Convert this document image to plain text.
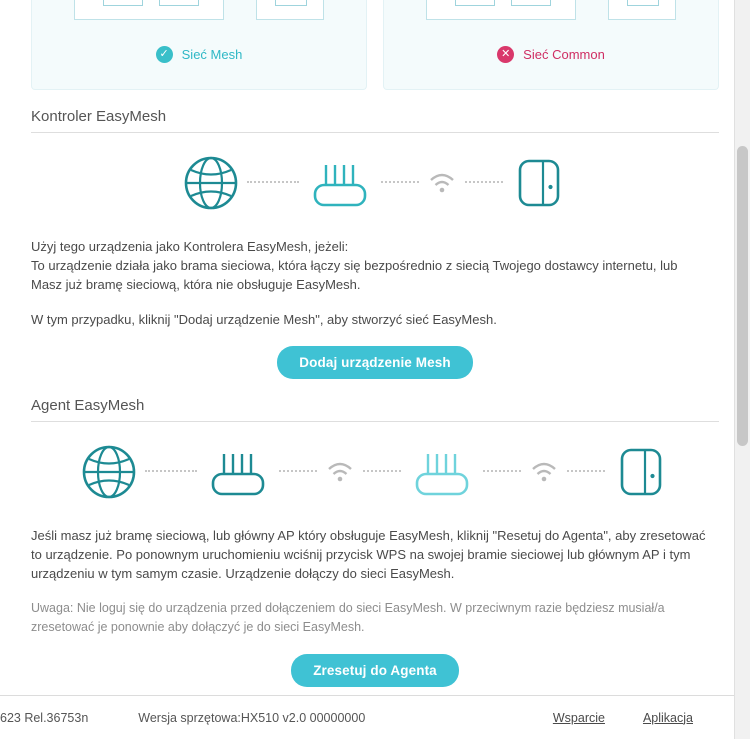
✓ Sieć Mesh	✕ Sieć Common
Kontroler EasyMesh

Użyj tego urządzenia jako Kontrolera EasyMesh, jeżeli:

To urządzenie działa jako brama sieciowa, która łączy się bezpośrednio z siecią Twojego dostawcy internetu, lub

Masz już bramę sieciową, która nie obsługuje EasyMesh.

W tym przypadku, kliknij "Dodaj urządzenie Mesh", aby stworzyć sieć EasyMesh.

Dodaj urządzenie Mesh
Agent EasyMesh

Jeśli masz już bramę sieciową, lub główny AP który obsługuje EasyMesh, kliknij "Resetuj do Agenta", aby zresetować to urządzenie. Po ponownym uruchomieniu wciśnij przycisk WPS na swojej bramie sieciowej lub głównym AP i tym urządzeniu w tym samym czasie. Urządzenie dołączy do sieci EasyMesh.

Uwaga: Nie loguj się do urządzenia przed dołączeniem do sieci EasyMesh. W przeciwnym razie będziesz musiał/a zresetować je ponownie aby dołączyć je do sieci EasyMesh.

Zresetuj do Agenta
623 Rel.36753n	Wersja sprzętowa:HX510 v2.0 00000000	Wsparcie	Aplikacja
